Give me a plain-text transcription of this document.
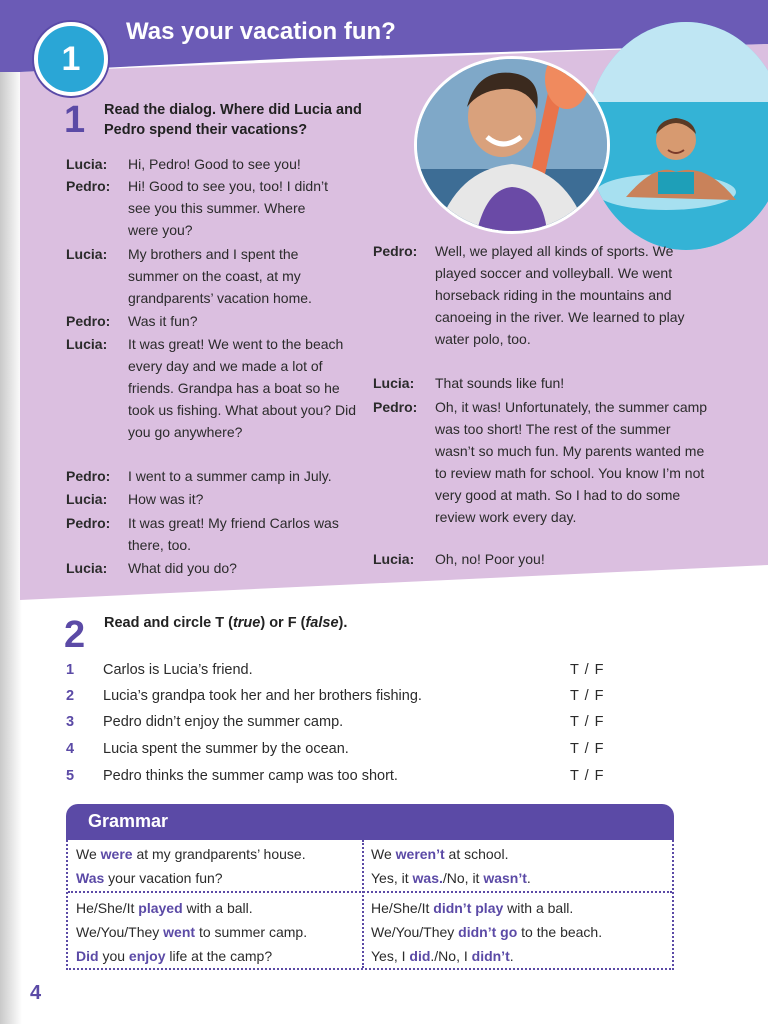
1
Was your vacation fun?
1 Read the dialog. Where did Lucia and
Pedro spend their vacations?
Lucia:	Hi, Pedro! Good to see you!
Pedro:	Hi! Good to see you, too! I didn’t see you this summer. Where were you?
Lucia:	My brothers and I spent the summer on the coast, at my grandparents’ vacation home.
Pedro:	Was it fun?
Lucia:	It was great! We went to the beach every day and we made a lot of friends. Grandpa has a boat so he took us fishing. What about you? Did you go anywhere?
Pedro:	I went to a summer camp in July.
Lucia:	How was it?
Pedro:	It was great! My friend Carlos was there, too.
Lucia:	What did you do?
Pedro:	Well, we played all kinds of sports. We played soccer and volleyball. We went horseback riding in the mountains and canoeing in the river. We learned to play water polo, too.
Lucia:	That sounds like fun!
Pedro:	Oh, it was! Unfortunately, the summer camp was too short! The rest of the summer wasn’t so much fun. My parents wanted me to review math for school. You know I’m not very good at math. So I had to do some review work every day.
Lucia:	Oh, no! Poor you!
2 Read and circle T (true) or F (false).
1	Carlos is Lucia’s friend.	T / F
2	Lucia’s grandpa took her and her brothers fishing.	T / F
3	Pedro didn’t enjoy the summer camp.	T / F
4	Lucia spent the summer by the ocean.	T / F
5	Pedro thinks the summer camp was too short.	T / F
Grammar
We were at my grandparents’ house.
Was your vacation fun?
We weren’t at school.
Yes, it was./No, it wasn’t.
He/She/It played with a ball.
We/You/They went to summer camp.
Did you enjoy life at the camp?
He/She/It didn’t play with a ball.
We/You/They didn’t go to the beach.
Yes, I did./No, I didn’t.
4
